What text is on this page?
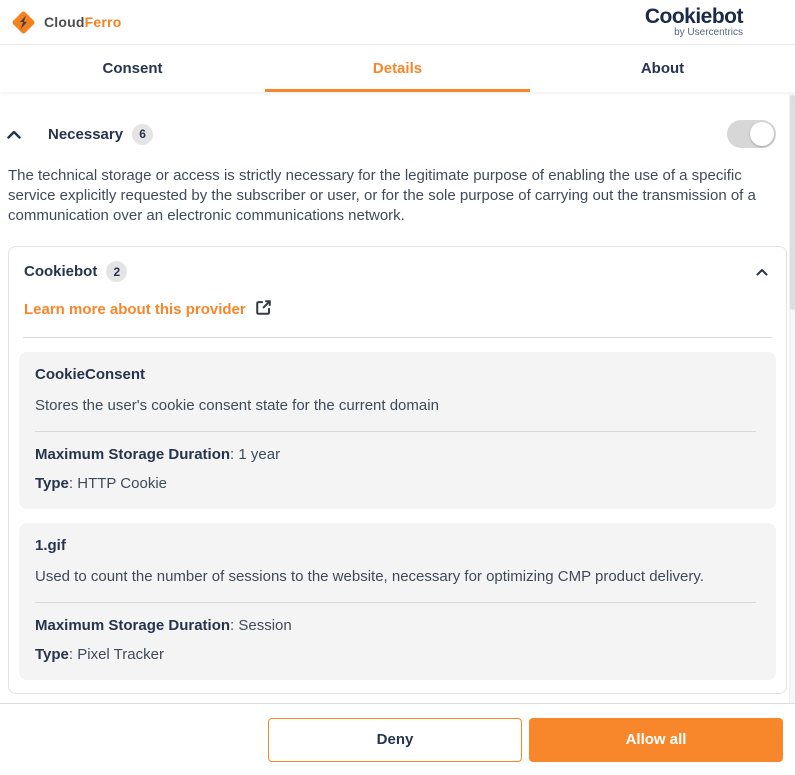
CloudFerro	Cookiebot
by Usercentrics
Consent	Details	About
Necessary	6

The technical storage or access is strictly necessary for the legitimate purpose of enabling the use of a specific service explicitly requested by the subscriber or user, or for the sole purpose of carrying out the transmission of a communication over an electronic communications network.

Cookiebot	2
Learn more about this provider
CookieConsent
Stores the user's cookie consent state for the current domain
Maximum Storage Duration: 1 year
Type: HTTP Cookie
1.gif
Used to count the number of sessions to the website, necessary for optimizing CMP product delivery.
Maximum Storage Duration: Session
Type: Pixel Tracker
Deny	Allow all
